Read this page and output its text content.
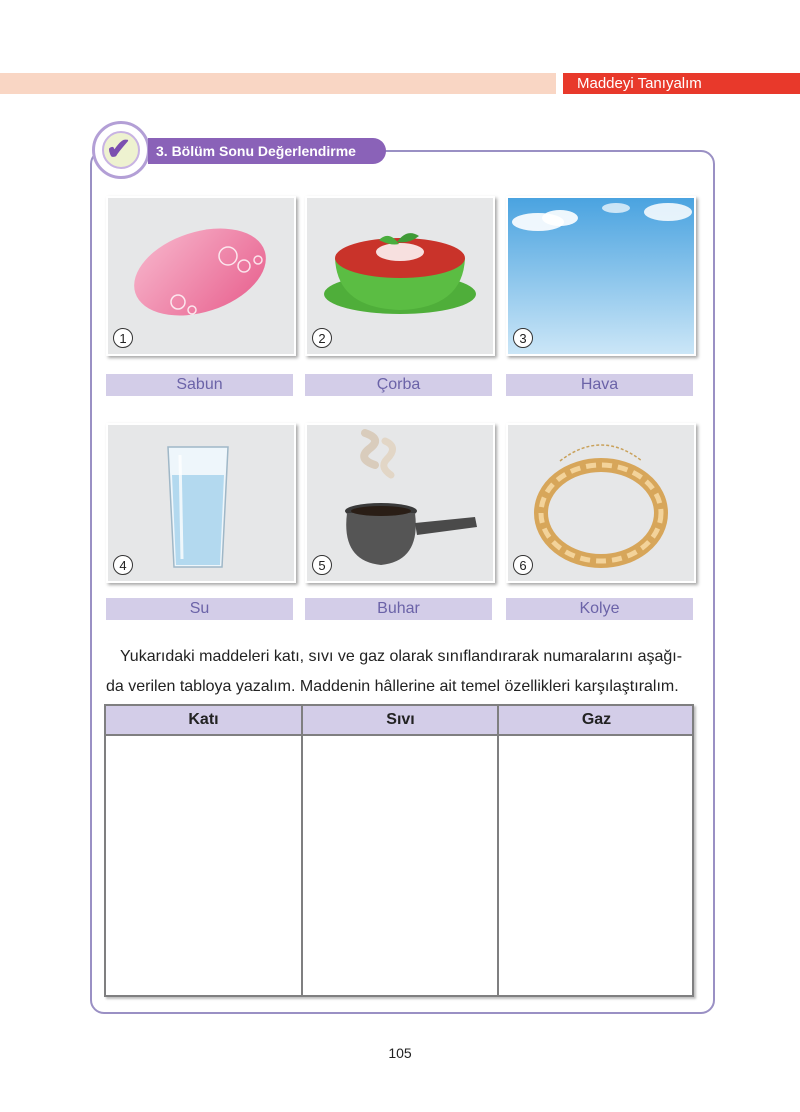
Maddeyi Tanıyalım
✔	3. Bölüm Sonu Değerlendirme
1
Sabun
2
Çorba
3
Hava
4
Su
5
Buhar
6
Kolye
Yukarıdaki maddeleri katı, sıvı ve gaz olarak sınıflandırarak numaralarını aşağı-
da verilen tabloya yazalım. Maddenin hâllerine ait temel özellikleri karşılaştıralım.
Katı	Sıvı	Gaz
105
